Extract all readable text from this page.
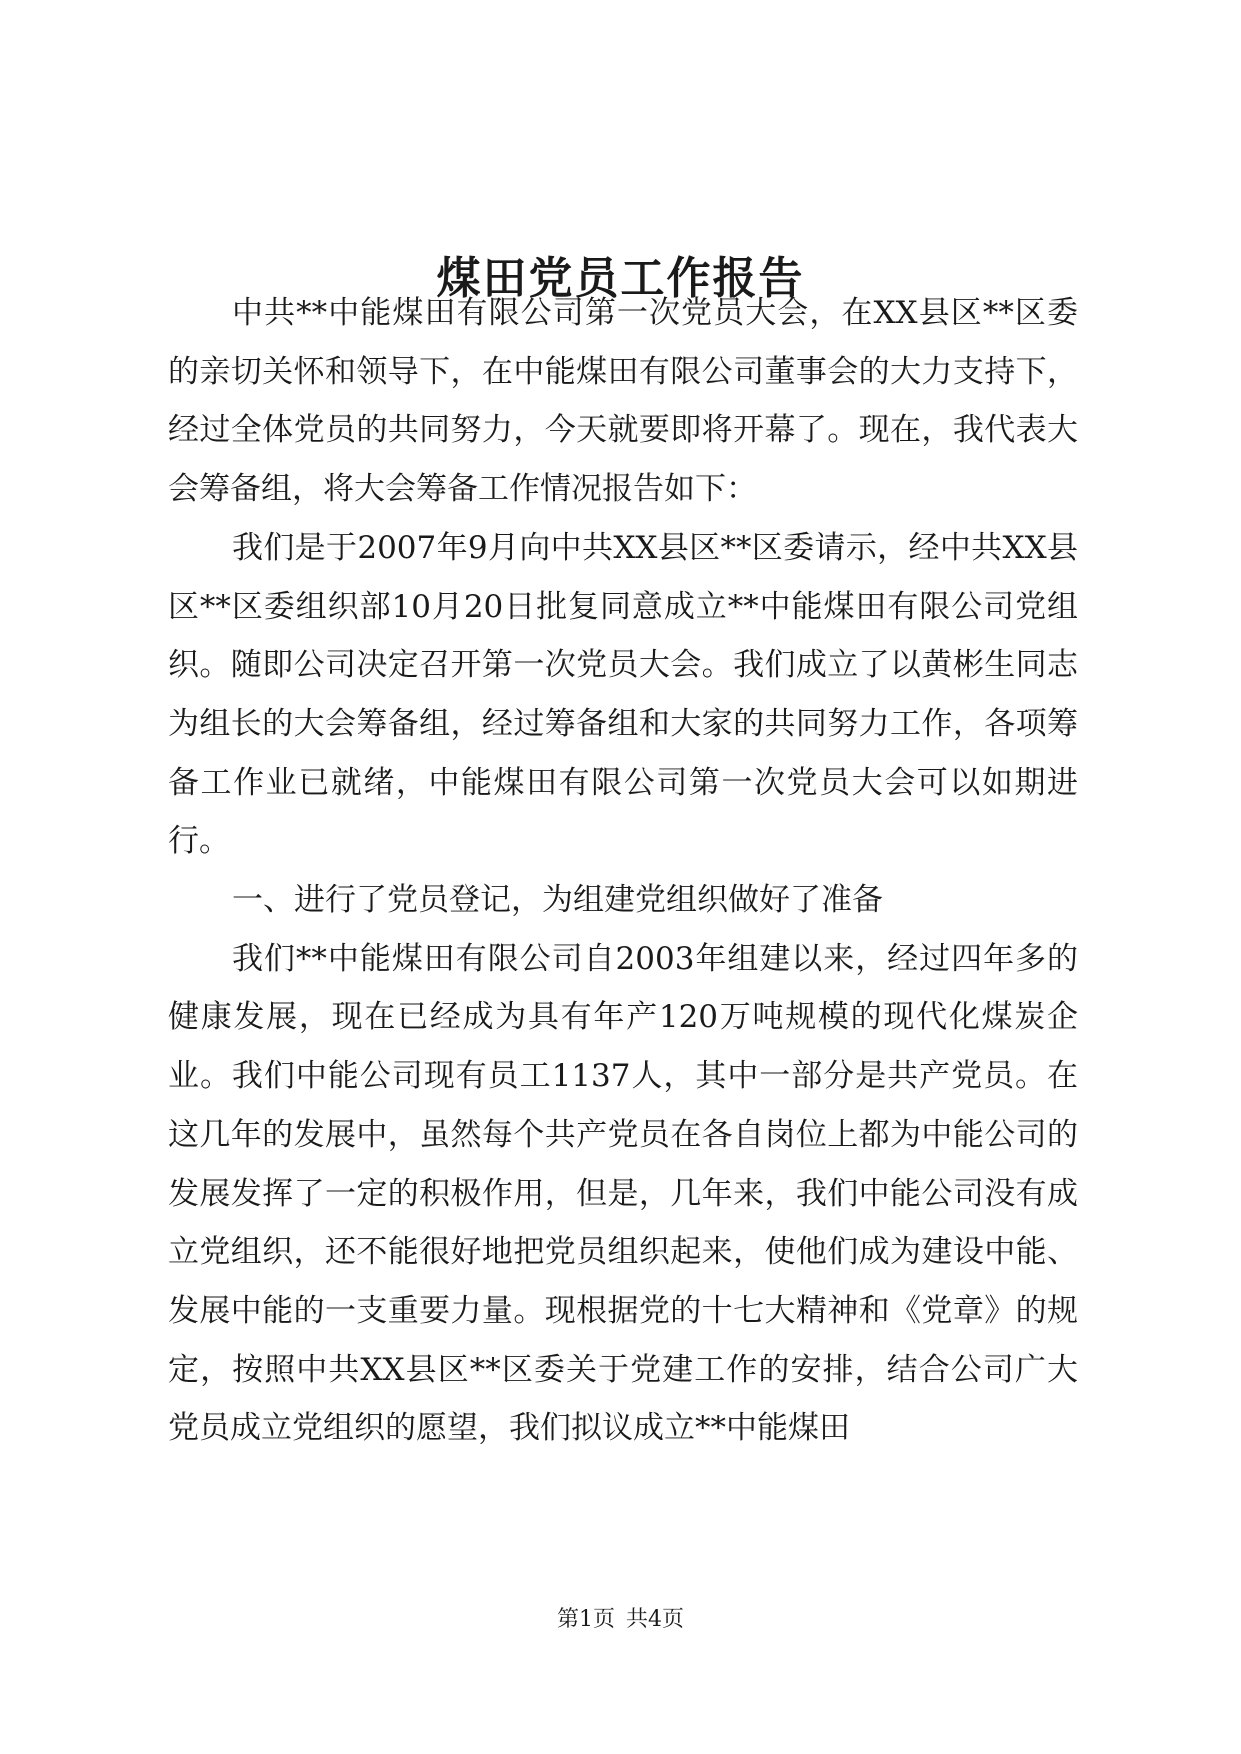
煤田党员工作报告

中共**中能煤田有限公司第一次党员大会，在XX县区**区委的亲切关怀和领导下，在中能煤田有限公司董事会的大力支持下，经过全体党员的共同努力，今天就要即将开幕了。现在，我代表大会筹备组，将大会筹备工作情况报告如下：

我们是于2007年9月向中共XX县区**区委请示，经中共XX县区**区委组织部10月20日批复同意成立**中能煤田有限公司党组织。随即公司决定召开第一次党员大会。我们成立了以黄彬生同志为组长的大会筹备组，经过筹备组和大家的共同努力工作，各项筹备工作业已就绪，中能煤田有限公司第一次党员大会可以如期进行。

一、进行了党员登记，为组建党组织做好了准备

我们**中能煤田有限公司自2003年组建以来，经过四年多的健康发展，现在已经成为具有年产120万吨规模的现代化煤炭企业。我们中能公司现有员工1137人，其中一部分是共产党员。在这几年的发展中，虽然每个共产党员在各自岗位上都为中能公司的发展发挥了一定的积极作用，但是，几年来，我们中能公司没有成立党组织，还不能很好地把党员组织起来，使他们成为建设中能、发展中能的一支重要力量。现根据党的十七大精神和《党章》的规定，按照中共XX县区**区委关于党建工作的安排，结合公司广大党员成立党组织的愿望，我们拟议成立**中能煤田

第1页 共4页
